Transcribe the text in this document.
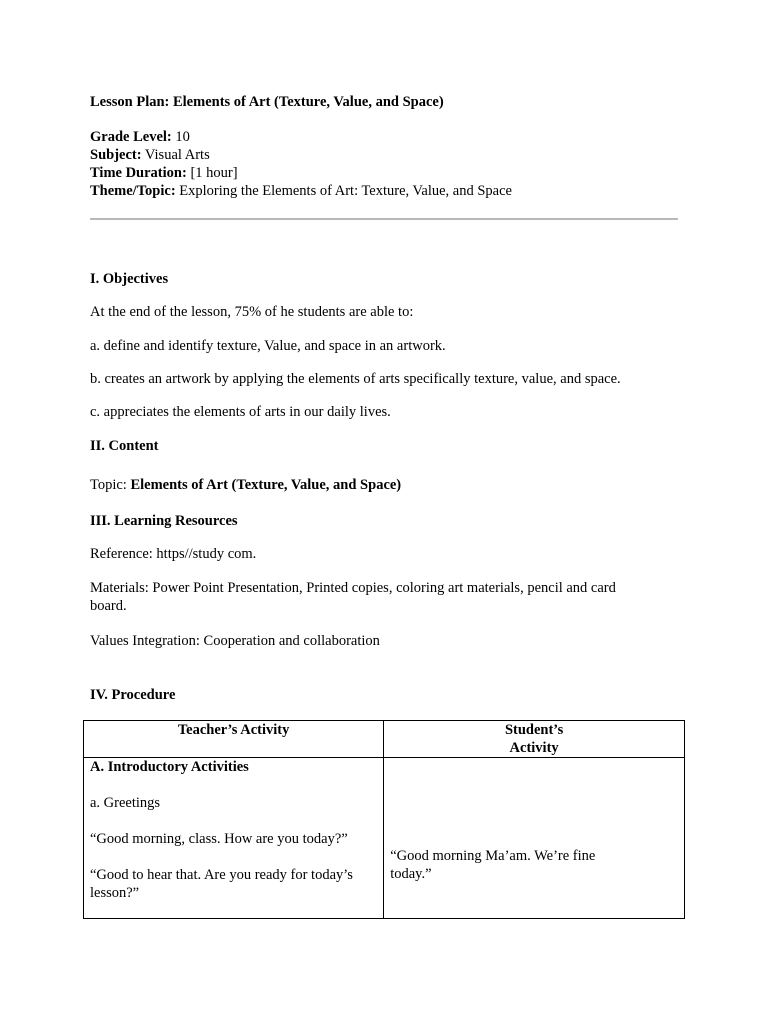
Lesson Plan: Elements of Art (Texture, Value, and Space)
Grade Level: 10
Subject: Visual Arts
Time Duration: [1 hour]
Theme/Topic: Exploring the Elements of Art: Texture, Value, and Space
I. Objectives
At the end of the lesson, 75% of he students are able to:
a. define and identify texture, Value, and space in an artwork.
b. creates an artwork by applying the elements of arts specifically texture, value, and space.
c. appreciates the elements of arts in our daily lives.
II. Content
Topic: Elements of Art (Texture, Value, and Space)
III. Learning Resources
Reference: https//study com.
Materials: Power Point Presentation, Printed copies, coloring art materials, pencil and card board.
Values Integration: Cooperation and collaboration
IV. Procedure
Teacher’s Activity	Student’s
Activity

A. Introductory Activities

a. Greetings

“Good morning, class. How are you today?”

“Good to hear that. Are you ready for today’s lesson?”	“Good morning Ma’am. We’re fine today.”
